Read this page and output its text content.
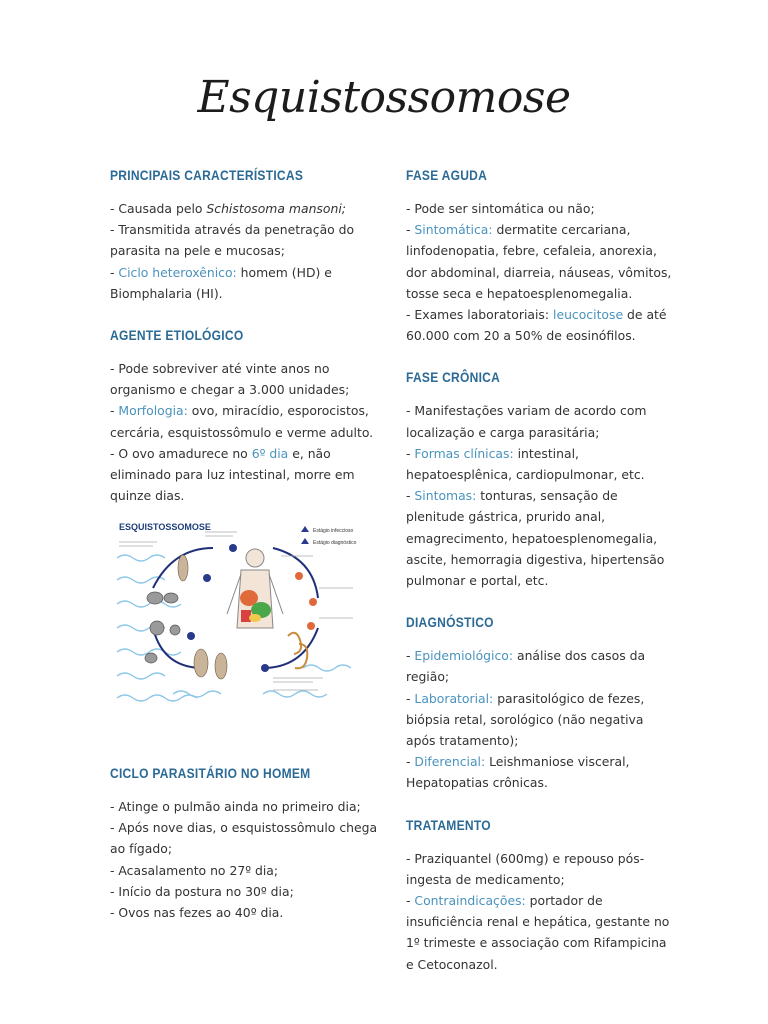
Esquistossomose
PRINCIPAIS CARACTERÍSTICAS

- Causada pelo Schistosoma mansoni;

- Transmitida através da penetração do parasita na pele e mucosas;

- Ciclo heteroxênico: homem (HD) e Biomphalaria (HI).

AGENTE ETIOLÓGICO

- Pode sobreviver até vinte anos no organismo e chegar a 3.000 unidades;

- Morfologia: ovo, miracídio, esporocistos, cercária, esquistossômulo e verme adulto.

- O ovo amadurece no 6º dia e, não eliminado para luz intestinal, morre em quinze dias.

Estágio infeccioso
Estágio diagnóstico
ESQUISTOSSOMOSE
CICLO PARASITÁRIO NO HOMEM

- Atinge o pulmão ainda no primeiro dia;

- Após nove dias, o esquistossômulo chega ao fígado;

- Acasalamento no 27º dia;

- Início da postura no 30º dia;

- Ovos nas fezes ao 40º dia.

FASE AGUDA

- Pode ser sintomática ou não;

- Sintomática: dermatite cercariana, linfodenopatia, febre, cefaleia, anorexia, dor abdominal, diarreia, náuseas, vômitos, tosse seca e hepatoesplenomegalia.

- Exames laboratoriais: leucocitose de até 60.000 com 20 a 50% de eosinófilos.

FASE CRÔNICA

- Manifestações variam de acordo com localização e carga parasitária;

- Formas clínicas: intestinal, hepatoesplênica, cardiopulmonar, etc.

- Sintomas: tonturas, sensação de plenitude gástrica, prurido anal, emagrecimento, hepatoesplenomegalia, ascite, hemorragia digestiva, hipertensão pulmonar e portal, etc.

DIAGNÓSTICO

- Epidemiológico: análise dos casos da região;

- Laboratorial: parasitológico de fezes, biópsia retal, sorológico (não negativa após tratamento);

- Diferencial: Leishmaniose visceral, Hepatopatias crônicas.

TRATAMENTO

- Praziquantel (600mg) e repouso pós-ingesta de medicamento;

- Contraindicações: portador de insuficiência renal e hepática, gestante no 1º trimeste e associação com Rifampicina e Cetoconazol.
